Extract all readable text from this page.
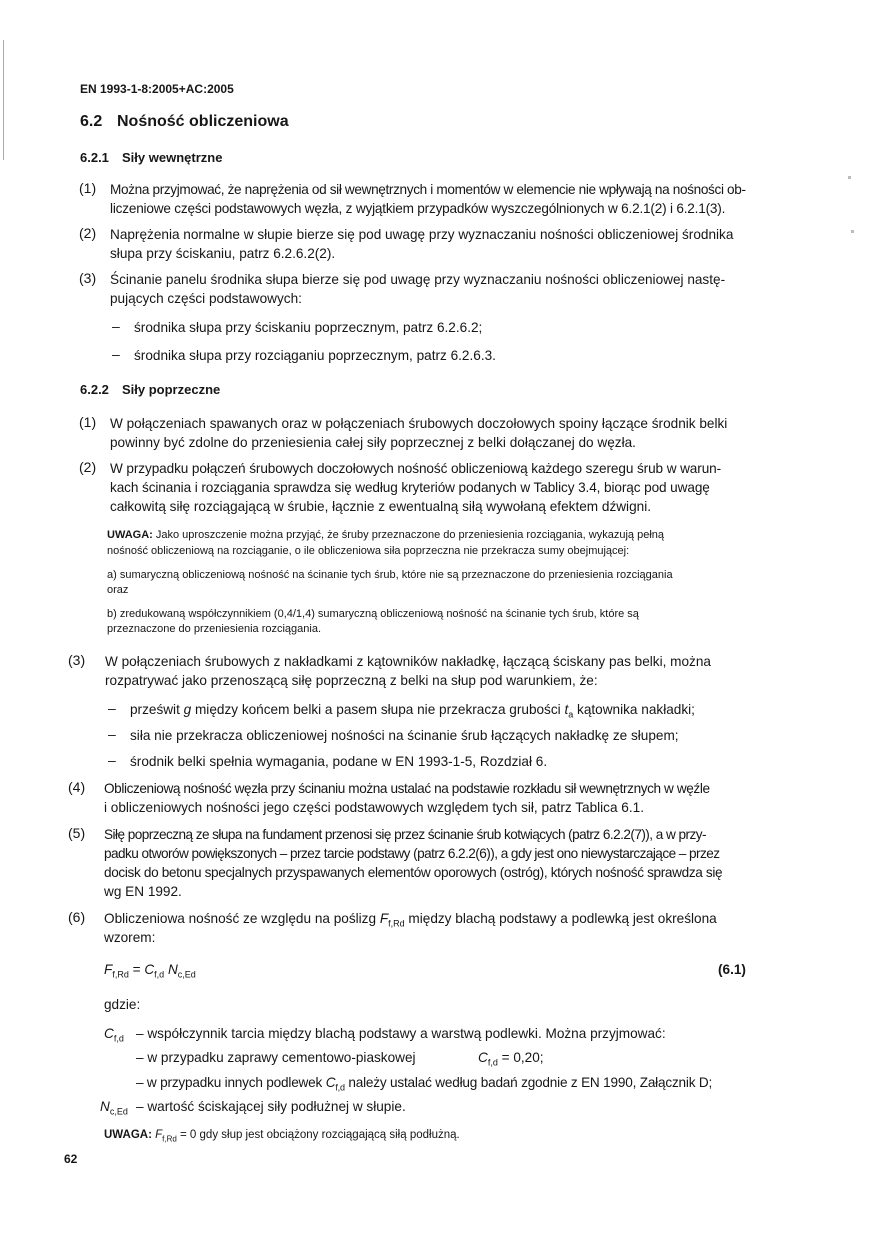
EN 1993-1-8:2005+AC:2005
6.2 Nośność obliczeniowa
6.2.1 Siły wewnętrzne
(1) Można przyjmować, że naprężenia od sił wewnętrznych i momentów w elemencie nie wpływają na nośności ob-
liczeniowe części podstawowych węzła, z wyjątkiem przypadków wyszczególnionych w 6.2.1(2) i 6.2.1(3).
(2) Naprężenia normalne w słupie bierze się pod uwagę przy wyznaczaniu nośności obliczeniowej środnika
słupa przy ściskaniu, patrz 6.2.6.2(2).
(3) Ścinanie panelu środnika słupa bierze się pod uwagę przy wyznaczaniu nośności obliczeniowej nastę-
pujących części podstawowych:
– środnika słupa przy ściskaniu poprzecznym, patrz 6.2.6.2;
– środnika słupa przy rozciąganiu poprzecznym, patrz 6.2.6.3.
6.2.2 Siły poprzeczne
(1) W połączeniach spawanych oraz w połączeniach śrubowych doczołowych spoiny łączące środnik belki
powinny być zdolne do przeniesienia całej siły poprzecznej z belki dołączanej do węzła.
(2) W przypadku połączeń śrubowych doczołowych nośność obliczeniową każdego szeregu śrub w warun-
kach ścinania i rozciągania sprawdza się według kryteriów podanych w Tablicy 3.4, biorąc pod uwagę
całkowitą siłę rozciągającą w śrubie, łącznie z ewentualną siłą wywołaną efektem dźwigni.
UWAGA: Jako uproszczenie można przyjąć, że śruby przeznaczone do przeniesienia rozciągania, wykazują pełną
nośność obliczeniową na rozciąganie, o ile obliczeniowa siła poprzeczna nie przekracza sumy obejmującej:
a) sumaryczną obliczeniową nośność na ścinanie tych śrub, które nie są przeznaczone do przeniesienia rozciągania
oraz
b) zredukowaną współczynnikiem (0,4/1,4) sumaryczną obliczeniową nośność na ścinanie tych śrub, które są
przeznaczone do przeniesienia rozciągania.
(3) W połączeniach śrubowych z nakładkami z kątowników nakładkę, łączącą ściskany pas belki, można
rozpatrywać jako przenoszącą siłę poprzeczną z belki na słup pod warunkiem, że:
– prześwit g między końcem belki a pasem słupa nie przekracza grubości $t_a$ kątownika nakładki;
– siła nie przekracza obliczeniowej nośności na ścinanie śrub łączących nakładkę ze słupem;
– środnik belki spełnia wymagania, podane w EN 1993-1-5, Rozdział 6.
(4) Obliczeniową nośność węzła przy ścinaniu można ustalać na podstawie rozkładu sił wewnętrznych w węźle
i obliczeniowych nośności jego części podstawowych względem tych sił, patrz Tablica 6.1.
(5) Siłę poprzeczną ze słupa na fundament przenosi się przez ścinanie śrub kotwiących (patrz 6.2.2(7)), a w przy-
padku otworów powiększonych – przez tarcie podstawy (patrz 6.2.2(6)), a gdy jest ono niewystarczające – przez
docisk do betonu specjalnych przyspawanych elementów oporowych (ostróg), których nośność sprawdza się
wg EN 1992.
(6) Obliczeniowa nośność ze względu na poślizg $F_{f,Rd}$ między blachą podstawy a podlewką jest określona
wzorem:
$F_{f,Rd} = C_{f,d}$ $N_{c,Ed}$	(6.1)
gdzie:
$C_{f,d}$ – współczynnik tarcia między blachą podstawy a warstwą podlewki. Można przyjmować:
– w przypadku zaprawy cementowo-piaskowej	$C_{f,d} = 0,20$;
– w przypadku innych podlewek $C_{f,d}$ należy ustalać według badań zgodnie z EN 1990, Załącznik D;
$N_{c,Ed}$ – wartość ściskającej siły podłużnej w słupie.
UWAGA: $F_{f,Rd} = 0$ gdy słup jest obciążony rozciągającą siłą podłużną.
62
